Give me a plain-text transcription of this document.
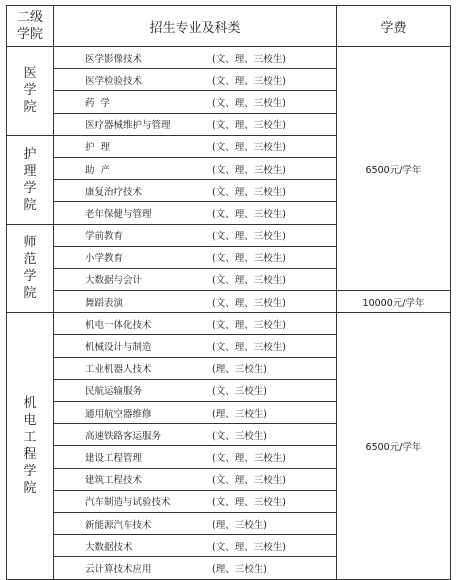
二级学院	招生专业及科类	学费

医学院	医学影像技术 (文、理、三校生)	6500元/学年

	医学检验技术 (文、理、三校生)	

	药  学 (文、理、三校生)	

	医疗器械维护与管理 (文、理、三校生)	

护理学院	护  理 (文、理、三校生)	

	助  产 (文、理、三校生)	

	康复治疗技术 (文、理、三校生)	

	老年保健与管理 (文、理、三校生)	

师范学院	学前教育 (文、理、三校生)	

	小学教育 (文、理、三校生)	

	大数据与会计 (文、理、三校生)	

	舞蹈表演 (文、理、三校生)	10000元/学年

机电工程学院	机电一体化技术 (文、理、三校生)	6500元/学年

	机械设计与制造 (文、理、三校生)	

	工业机器人技术 (理、三校生)	

	民航运输服务 (文、三校生)	

	通用航空器维修 (理、三校生)	

	高速铁路客运服务 (文、三校生)	

	建设工程管理 (文、理、三校生)	

	建筑工程技术 (文、理、三校生)	

	汽车制造与试验技术 (文、理、三校生)	

	新能源汽车技术 (理、三校生)	

	大数据技术 (文、理、三校生)	

	云计算技术应用 (理、三校生)	
